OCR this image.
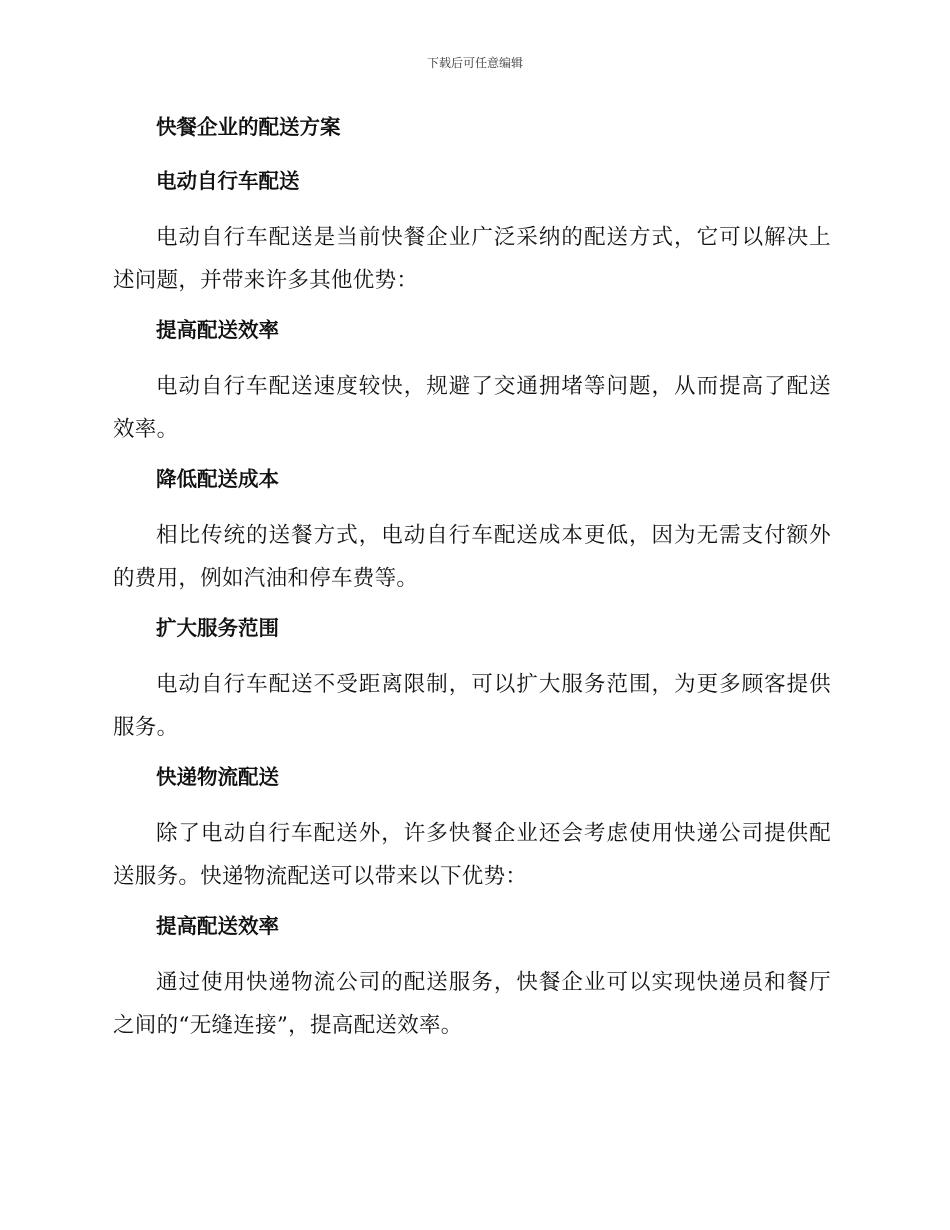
下载后可任意编辑
快餐企业的配送方案
电动自行车配送

电动自行车配送是当前快餐企业广泛采纳的配送方式，它可以解决上述问题，并带来许多其他优势：

提高配送效率

电动自行车配送速度较快，规避了交通拥堵等问题，从而提高了配送效率。

降低配送成本

相比传统的送餐方式，电动自行车配送成本更低，因为无需支付额外的费用，例如汽油和停车费等。

扩大服务范围

电动自行车配送不受距离限制，可以扩大服务范围，为更多顾客提供服务。

快递物流配送

除了电动自行车配送外，许多快餐企业还会考虑使用快递公司提供配送服务。快递物流配送可以带来以下优势：

提高配送效率

通过使用快递物流公司的配送服务，快餐企业可以实现快递员和餐厅之间的“无缝连接”，提高配送效率。
